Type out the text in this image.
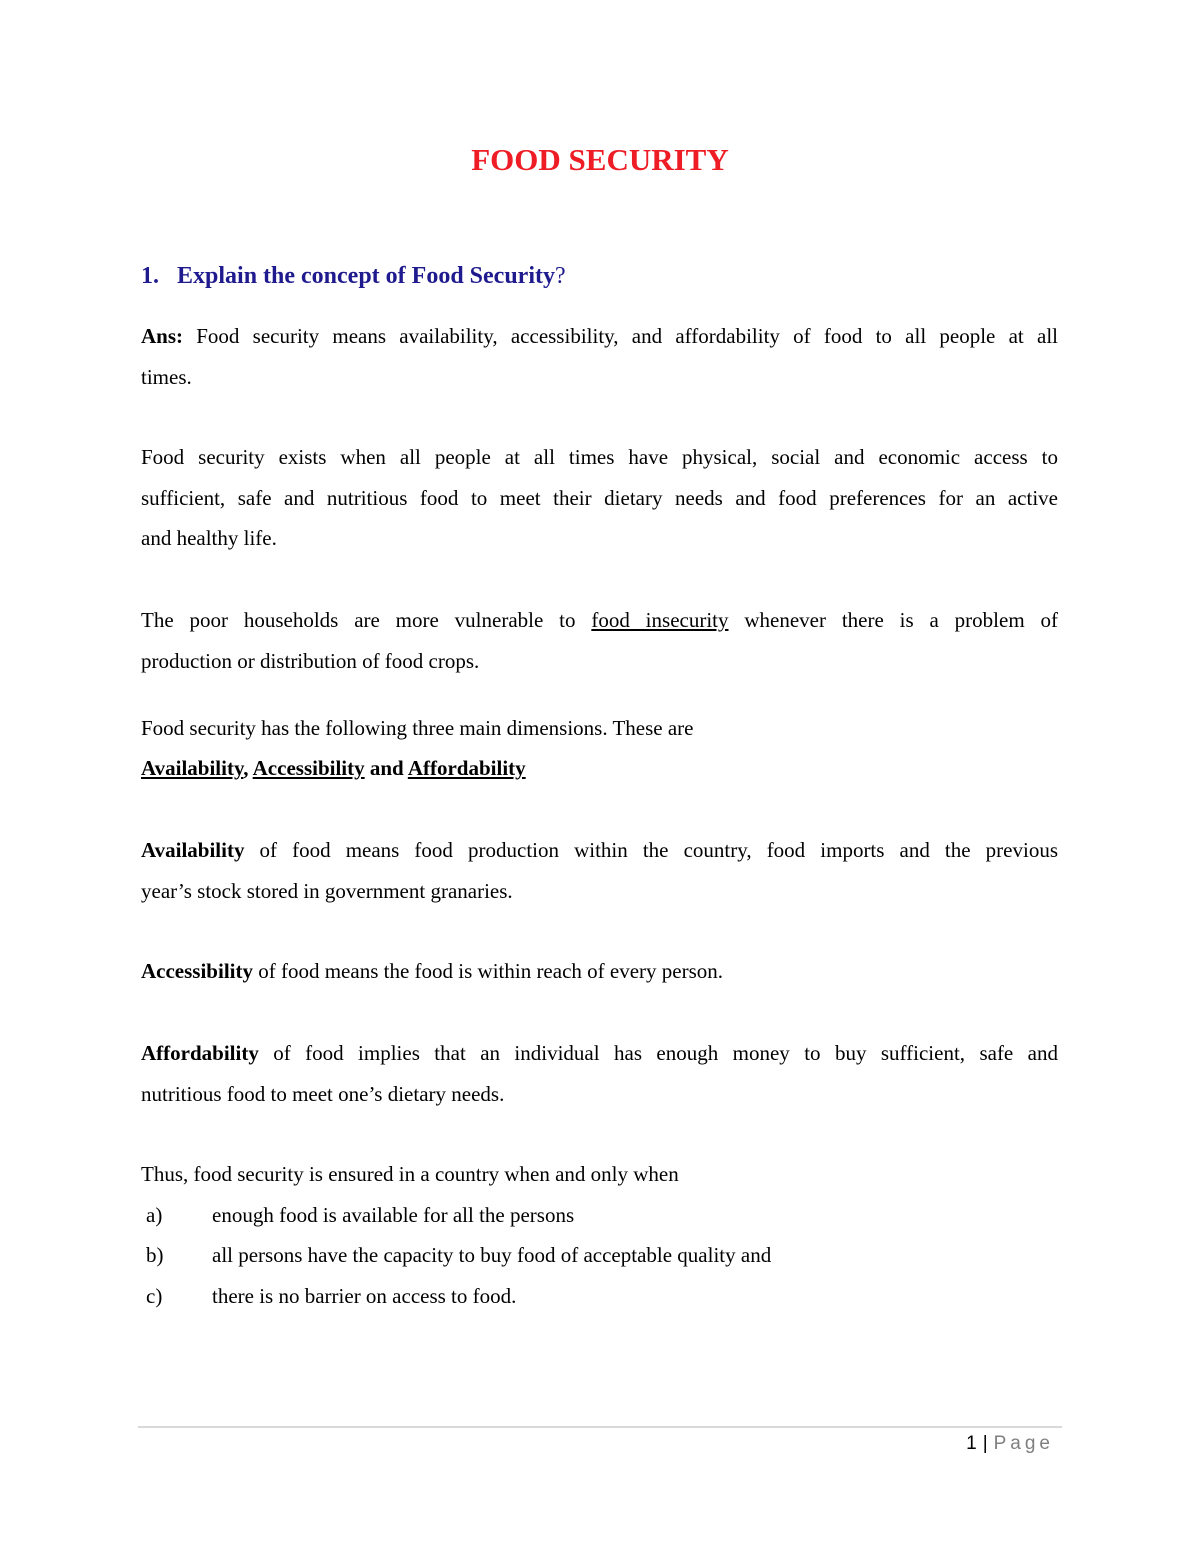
FOOD SECURITY
1. Explain the concept of Food Security?

Ans: Food security means availability, accessibility, and affordability of food to all people at all
times.

Food security exists when all people at all times have physical, social and economic access to
sufficient, safe and nutritious food to meet their dietary needs and food preferences for an active
and healthy life.

The poor households are more vulnerable to food insecurity whenever there is a problem of
production or distribution of food crops.

Food security has the following three main dimensions. These are

Availability, Accessibility and Affordability

Availability of food means food production within the country, food imports and the previous
year’s stock stored in government granaries.

Accessibility of food means the food is within reach of every person.

Affordability of food implies that an individual has enough money to buy sufficient, safe and
nutritious food to meet one’s dietary needs.

Thus, food security is ensured in a country when and only when

a) enough food is available for all the persons
b) all persons have the capacity to buy food of acceptable quality and
c) there is no barrier on access to food.
1 | Page
